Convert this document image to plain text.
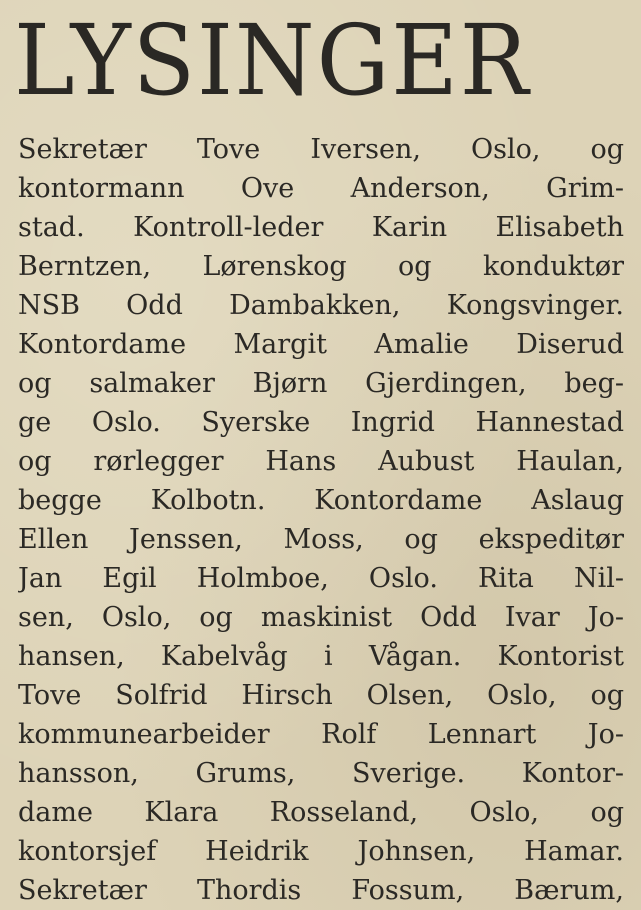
LYSINGER
Sekretær Tove Iversen, Oslo, og
kontormann Ove Anderson, Grim-
stad. Kontroll-leder Karin Elisabeth
Berntzen, Lørenskog og konduktør
NSB Odd Dambakken, Kongsvinger.
Kontordame Margit Amalie Diserud
og salmaker Bjørn Gjerdingen, beg-
ge Oslo. Syerske Ingrid Hannestad
og rørlegger Hans Aubust Haulan,
begge Kolbotn. Kontordame Aslaug
Ellen Jenssen, Moss, og ekspeditør
Jan Egil Holmboe, Oslo. Rita Nil-
sen, Oslo, og maskinist Odd Ivar Jo-
hansen, Kabelvåg i Vågan. Kontorist
Tove Solfrid Hirsch Olsen, Oslo, og
kommunearbeider Rolf Lennart Jo-
hansson, Grums, Sverige. Kontor-
dame Klara Rosseland, Oslo, og
kontorsjef Heidrik Johnsen, Hamar.
Sekretær Thordis Fossum, Bærum,
